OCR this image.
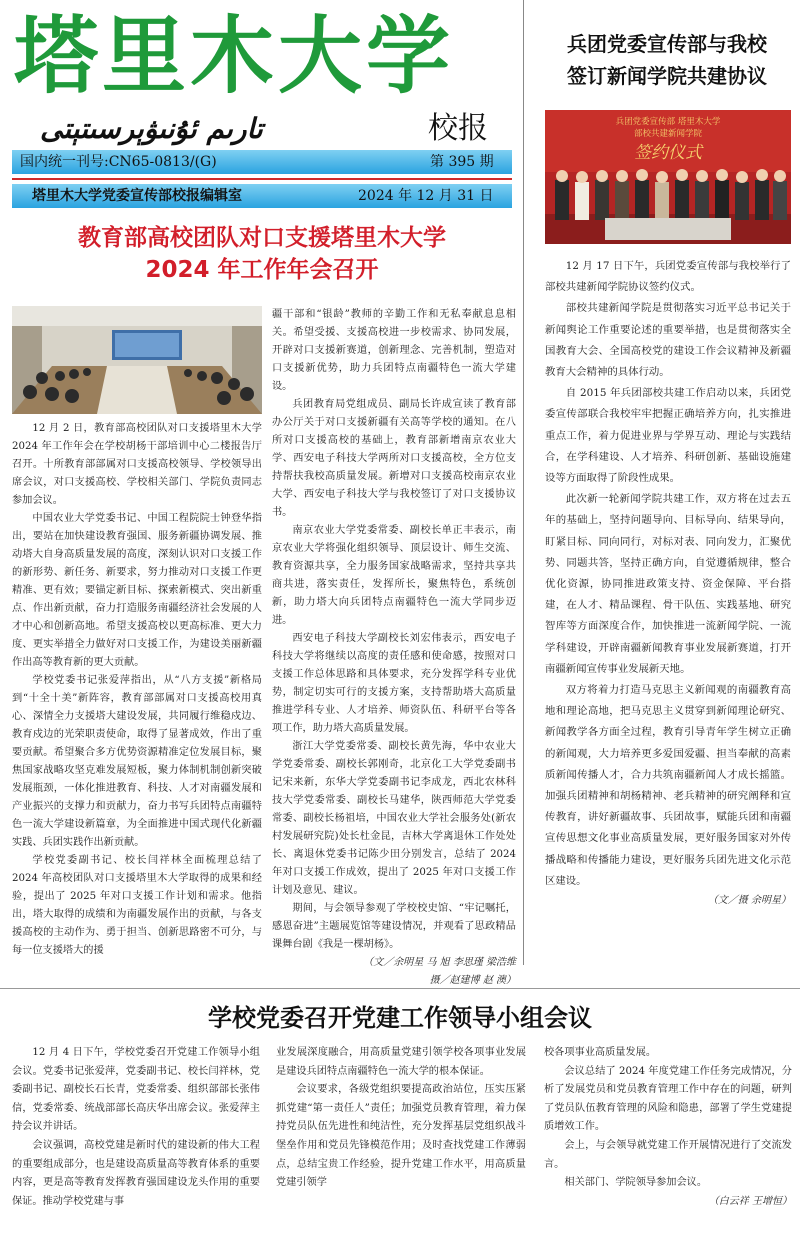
塔里木大学
تارىم ئۇنىۋېرسىتېتى	校报
国内统一刊号:CN65-0813/(G)	第 395 期
塔里木大学党委宣传部校报编辑室	2024 年 12 月 31 日
教育部高校团队对口支援塔里木大学
2024 年工作年会召开

12 月 2 日，教育部高校团队对口支援塔里木大学 2024 年工作年会在学校胡杨干部培训中心二楼报告厅召开。十所教育部部属对口支援高校领导、学校领导出席会议，对口支援高校、学校相关部门、学院负责同志参加会议。

中国农业大学党委书记、中国工程院院士钟登华指出，要站在加快建设教育强国、服务新疆协调发展、推动塔大自身高质量发展的高度，深刻认识对口支援工作的新形势、新任务、新要求，努力推动对口支援工作更精准、更有效；要锚定新目标、探索新模式、突出新重点、作出新贡献，奋力打造服务南疆经济社会发展的人才中心和创新高地。希望支援高校以更高标准、更大力度、更实举措全力做好对口支援工作，为建设美丽新疆作出高等教育新的更大贡献。

学校党委书记张爱萍指出，从“八方支援”新格局到“十全十美”新阵容，教育部部属对口支援高校用真心、深情全力支援塔大建设发展，共同履行维稳戍边、教育戍边的光荣职责使命，取得了显著成效，作出了重要贡献。希望聚合多方优势资源精准定位发展目标，聚焦国家战略攻坚克难发展短板，聚力体制机制创新突破发展瓶颈，一体化推进教育、科技、人才对南疆发展和产业振兴的支撑力和贡献力，奋力书写兵团特点南疆特色一流大学建设新篇章，为全面推进中国式现代化新疆实践、兵团实践作出新贡献。

学校党委副书记、校长闫祥林全面梳理总结了 2024 年高校团队对口支援塔里木大学取得的成果和经验，提出了 2025 年对口支援工作计划和需求。他指出，塔大取得的成绩和为南疆发展作出的贡献，与各支援高校的主动作为、勇于担当、创新思路密不可分，与每一位支援塔大的援

疆干部和“银龄”教师的辛勤工作和无私奉献息息相关。希望受援、支援高校进一步校需求、协同发展，开辟对口支援新赛道，创新理念、完善机制，塑造对口支援新优势，助力兵团特点南疆特色一流大学建设。

兵团教育局党组成员、副局长许成宣读了教育部办公厅关于对口支援新疆有关高等学校的通知。在八所对口支援高校的基础上，教育部新增南京农业大学、西安电子科技大学两所对口支援高校，全方位支持帮扶我校高质量发展。新增对口支援高校南京农业大学、西安电子科技大学与我校签订了对口支援协议书。

南京农业大学党委常委、副校长单正丰表示，南京农业大学将强化组织领导、顶层设计、师生交流、教育资源共享，全力服务国家战略需求，坚持共享共商共进，落实责任，发挥所长，聚焦特色，系统创新，助力塔大向兵团特点南疆特色一流大学同步迈进。

西安电子科技大学副校长刘宏伟表示，西安电子科技大学将继续以高度的责任感和使命感，按照对口支援工作总体思路和具体要求，充分发挥学科专业优势，制定切实可行的支援方案，支持帮助塔大高质量推进学科专业、人才培养、师资队伍、科研平台等各项工作，助力塔大高质量发展。

浙江大学党委常委、副校长黄先海，华中农业大学党委常委、副校长郭刚奇，北京化工大学党委副书记宋来新，东华大学党委副书记李成龙，西北农林科技大学党委常委、副校长马建华，陕西师范大学党委常委、副校长杨祖培，中国农业大学社会服务处(新农村发展研究院)处长杜金昆，吉林大学离退休工作处处长、离退休党委书记陈少田分别发言，总结了 2024 年对口支援工作成效，提出了 2025 年对口支援工作计划及意见、建议。

期间，与会领导参观了学校校史馆、“牢记嘱托，感恩奋进”主题展览馆等建设情况，并观看了思政精品课舞台剧《我是一棵胡杨》。

（文／余明星 马 旭 李思瑾 梁浩维
摄／赵建博 赵 澳）
兵团党委宣传部与我校
签订新闻学院共建协议
兵团党委宣传部 塔里木大学
部校共建新闻学院
签约仪式

12 月 17 日下午，兵团党委宣传部与我校举行了部校共建新闻学院协议签约仪式。

部校共建新闻学院是贯彻落实习近平总书记关于新闻舆论工作重要论述的重要举措，也是贯彻落实全国教育大会、全国高校党的建设工作会议精神及新疆教育大会精神的具体行动。

自 2015 年兵团部校共建工作启动以来，兵团党委宣传部联合我校牢牢把握正确培养方向，扎实推进重点工作，着力促进业界与学界互动、理论与实践结合，在学科建设、人才培养、科研创新、基础设施建设等方面取得了阶段性成果。

此次新一轮新闻学院共建工作，双方将在过去五年的基础上，坚持问题导向、目标导向、结果导向，盯紧目标、同向同行，对标对表、同向发力，汇聚优势、同题共答，坚持正确方向，自觉遵循规律，整合优化资源，协同推进政策支持、资金保障、平台搭建，在人才、精品课程、骨干队伍、实践基地、研究智库等方面深度合作，加快推进一流新闻学院、一流学科建设，开辟南疆新闻教育事业发展新赛道，打开南疆新闻宣传事业发展新天地。

双方将着力打造马克思主义新闻观的南疆教育高地和理论高地，把马克思主义贯穿到新闻理论研究、新闻教学各方面全过程，教育引导青年学生树立正确的新闻观，大力培养更多爱国爱疆、担当奉献的高素质新闻传播人才，合力共筑南疆新闻人才成长摇篮。加强兵团精神和胡杨精神、老兵精神的研究阐释和宣传教育，讲好新疆故事、兵团故事，赋能兵团和南疆宣传思想文化事业高质量发展，更好服务国家对外传播战略和传播能力建设，更好服务兵团先进文化示范区建设。

（文／摄 余明星）
学校党委召开党建工作领导小组会议

12 月 4 日下午，学校党委召开党建工作领导小组会议。党委书记张爱萍，党委副书记、校长闫祥林，党委副书记、副校长石长青，党委常委、组织部部长张伟信，党委常委、统战部部长高庆华出席会议。张爱萍主持会议并讲话。

会议强调，高校党建是新时代的建设新的伟大工程的重要组成部分，也是建设高质量高等教育体系的重要内容，更是高等教育发挥教育强国建设龙头作用的重要保证。推动学校党建与事

业发展深度融合，用高质量党建引领学校各项事业发展是建设兵团特点南疆特色一流大学的根本保证。

会议要求，各级党组织要提高政治站位，压实压紧抓党建“第一责任人”责任；加强党员教育管理，着力保持党员队伍先进性和纯洁性，充分发挥基层党组织战斗堡垒作用和党员先锋模范作用；及时查找党建工作薄弱点，总结宝贵工作经验，提升党建工作水平，用高质量党建引领学

校各项事业高质量发展。

会议总结了 2024 年度党建工作任务完成情况，分析了发展党员和党员教育管理工作中存在的问题，研判了党员队伍教育管理的风险和隐患，部署了学生党建提质增效工作。

会上，与会领导就党建工作开展情况进行了交流发言。

相关部门、学院领导参加会议。

（白云祥 王增恒）
